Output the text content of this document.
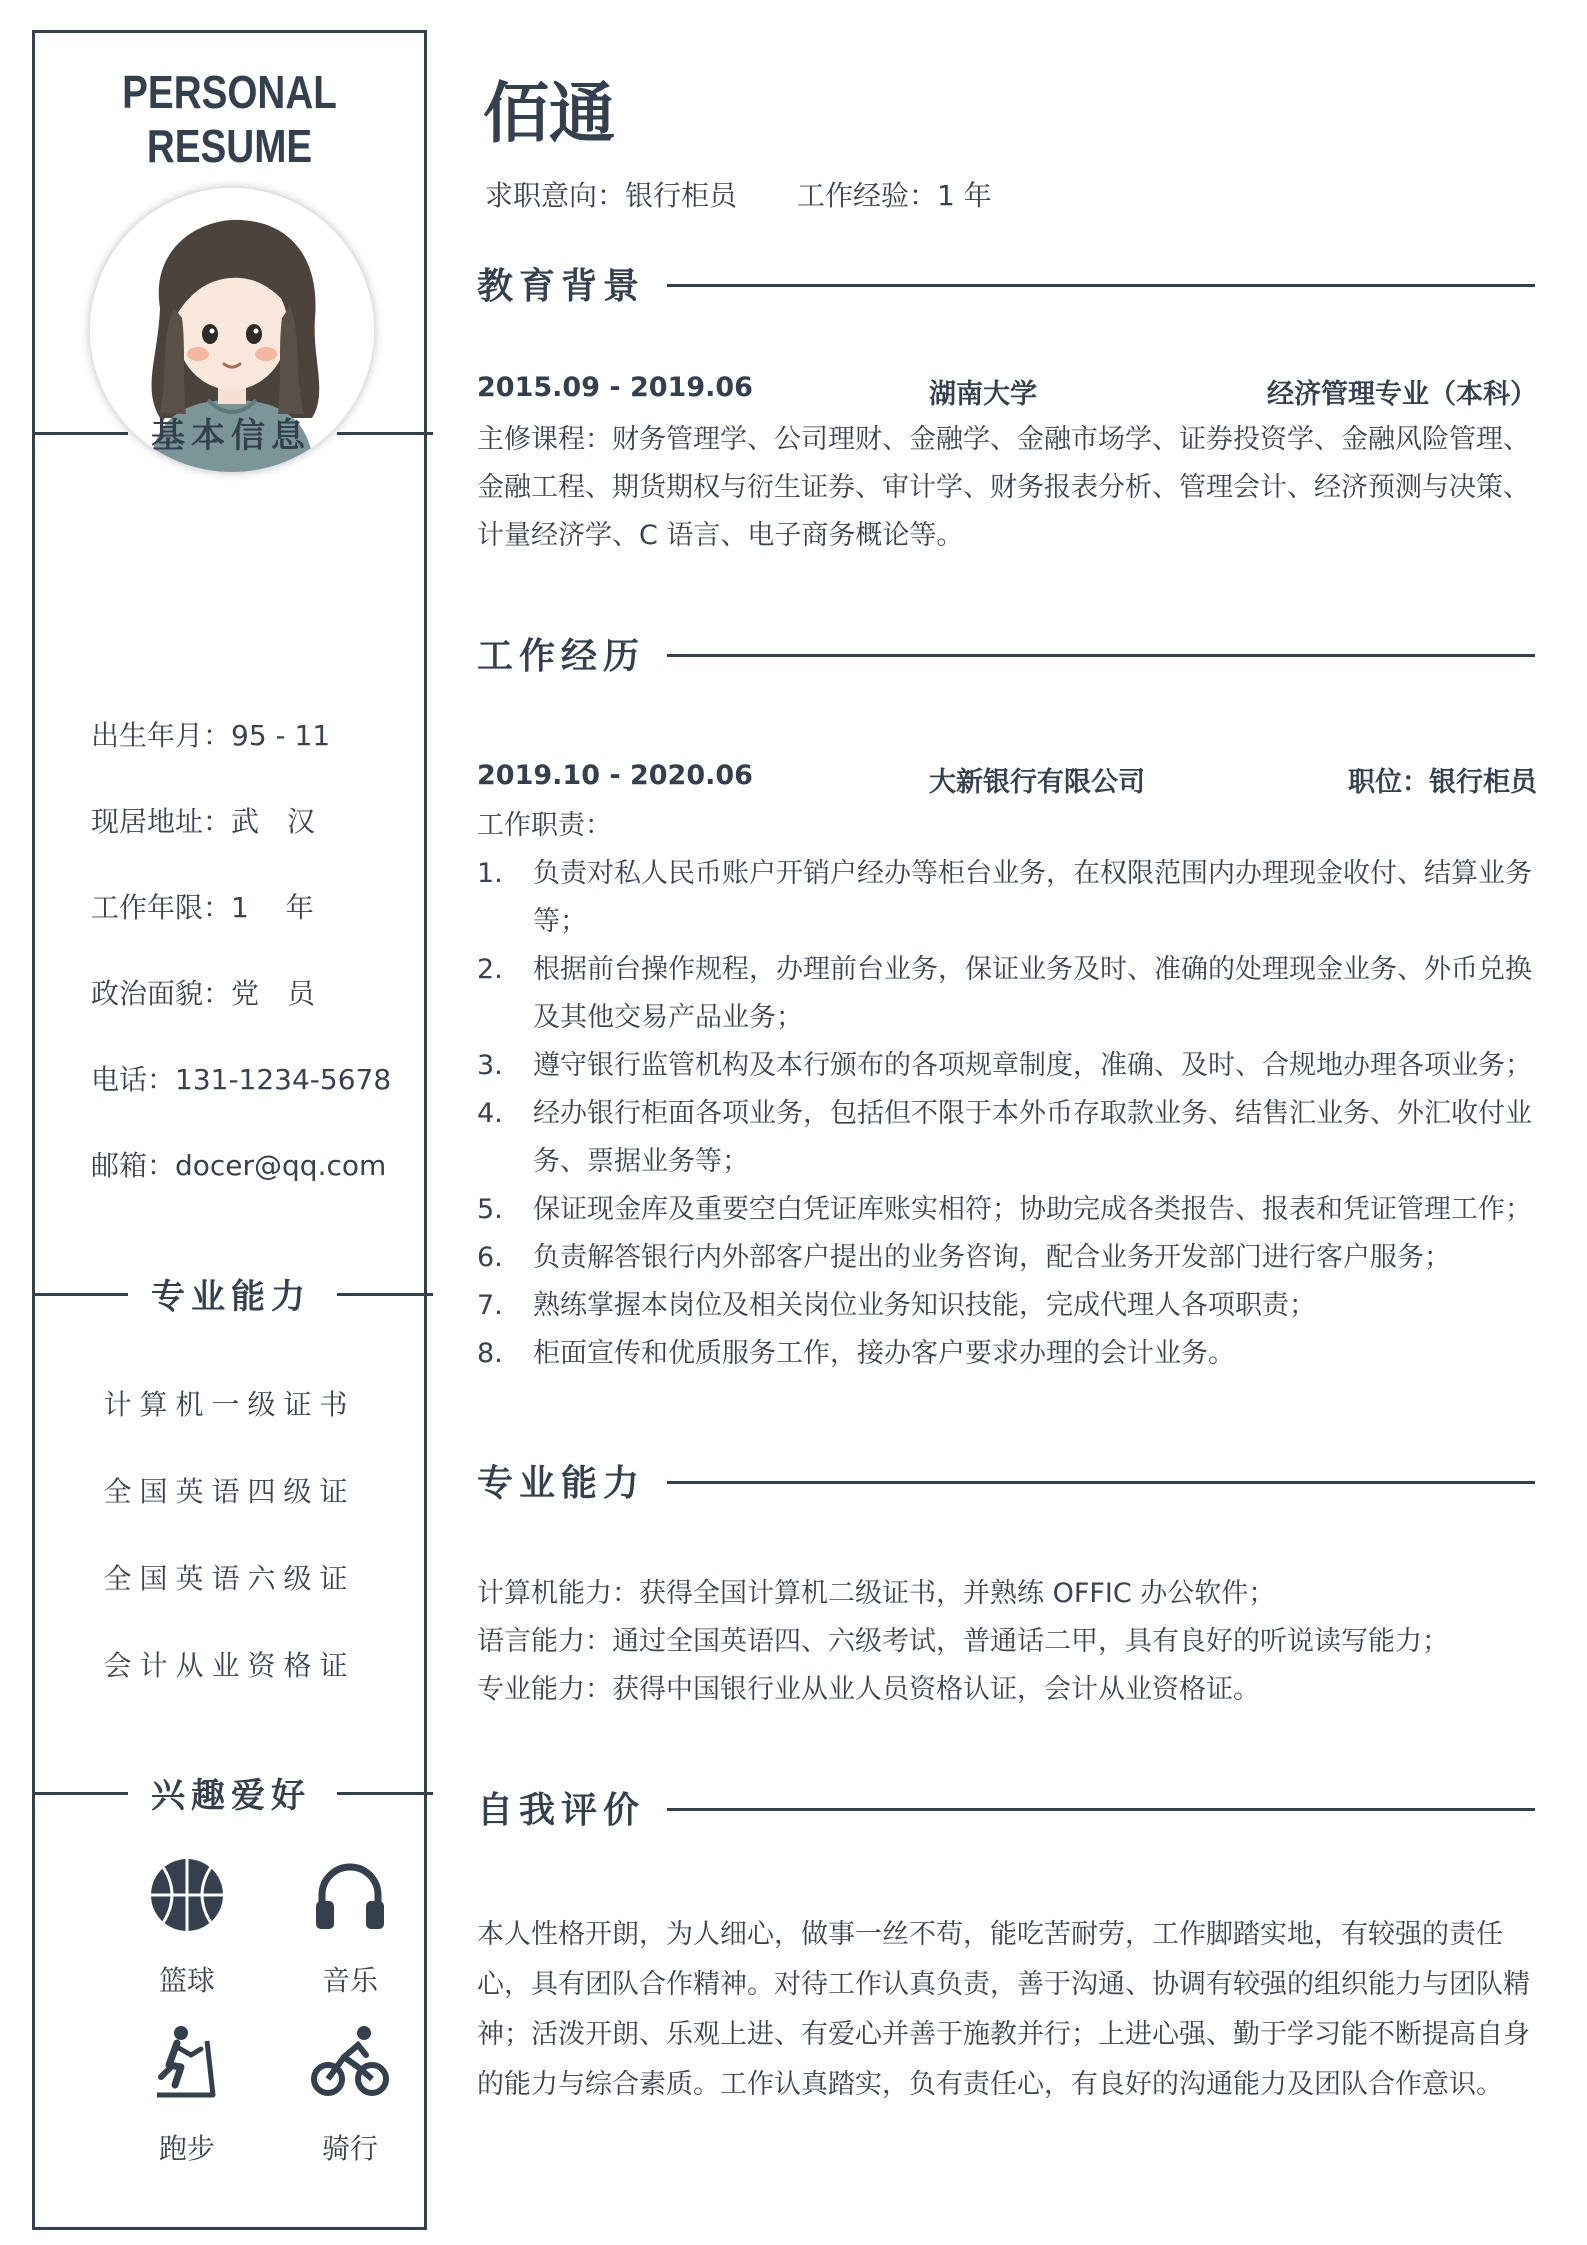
PERSONAL RESUME
基本信息
出生年月：95 - 11
现居地址：武　汉
工作年限：1　 年
政治面貌：党　员
电话：131-1234-5678
邮箱：docer@qq.com
专业能力
计算机一级证书
全国英语四级证
全国英语六级证
会计从业资格证
兴趣爱好
篮球	音乐
跑步	骑行
佰通
求职意向：银行柜员 工作经验：1 年
教育背景
2015.09 - 2019.06	湖南大学	经济管理专业（本科）
主修课程：财务管理学、公司理财、金融学、金融市场学、证券投资学、金融风险管理、金融工程、期货期权与衍生证券、审计学、财务报表分析、管理会计、经济预测与决策、计量经济学、C 语言、电子商务概论等。
工作经历
2019.10 - 2020.06	大新银行有限公司	职位：银行柜员
工作职责：
1. 负责对私人民币账户开销户经办等柜台业务，在权限范围内办理现金收付、结算业务等；
2. 根据前台操作规程，办理前台业务，保证业务及时、准确的处理现金业务、外币兑换及其他交易产品业务；
3. 遵守银行监管机构及本行颁布的各项规章制度，准确、及时、合规地办理各项业务；
4. 经办银行柜面各项业务，包括但不限于本外币存取款业务、结售汇业务、外汇收付业务、票据业务等；
5. 保证现金库及重要空白凭证库账实相符；协助完成各类报告、报表和凭证管理工作；
6. 负责解答银行内外部客户提出的业务咨询，配合业务开发部门进行客户服务；
7. 熟练掌握本岗位及相关岗位业务知识技能，完成代理人各项职责；
8. 柜面宣传和优质服务工作，接办客户要求办理的会计业务。
专业能力
计算机能力：获得全国计算机二级证书，并熟练 OFFIC 办公软件；
语言能力：通过全国英语四、六级考试，普通话二甲，具有良好的听说读写能力；
专业能力：获得中国银行业从业人员资格认证，会计从业资格证。
自我评价
本人性格开朗，为人细心，做事一丝不苟，能吃苦耐劳，工作脚踏实地，有较强的责任心，具有团队合作精神。对待工作认真负责，善于沟通、协调有较强的组织能力与团队精神；活泼开朗、乐观上进、有爱心并善于施教并行；上进心强、勤于学习能不断提高自身的能力与综合素质。工作认真踏实，负有责任心，有良好的沟通能力及团队合作意识。
